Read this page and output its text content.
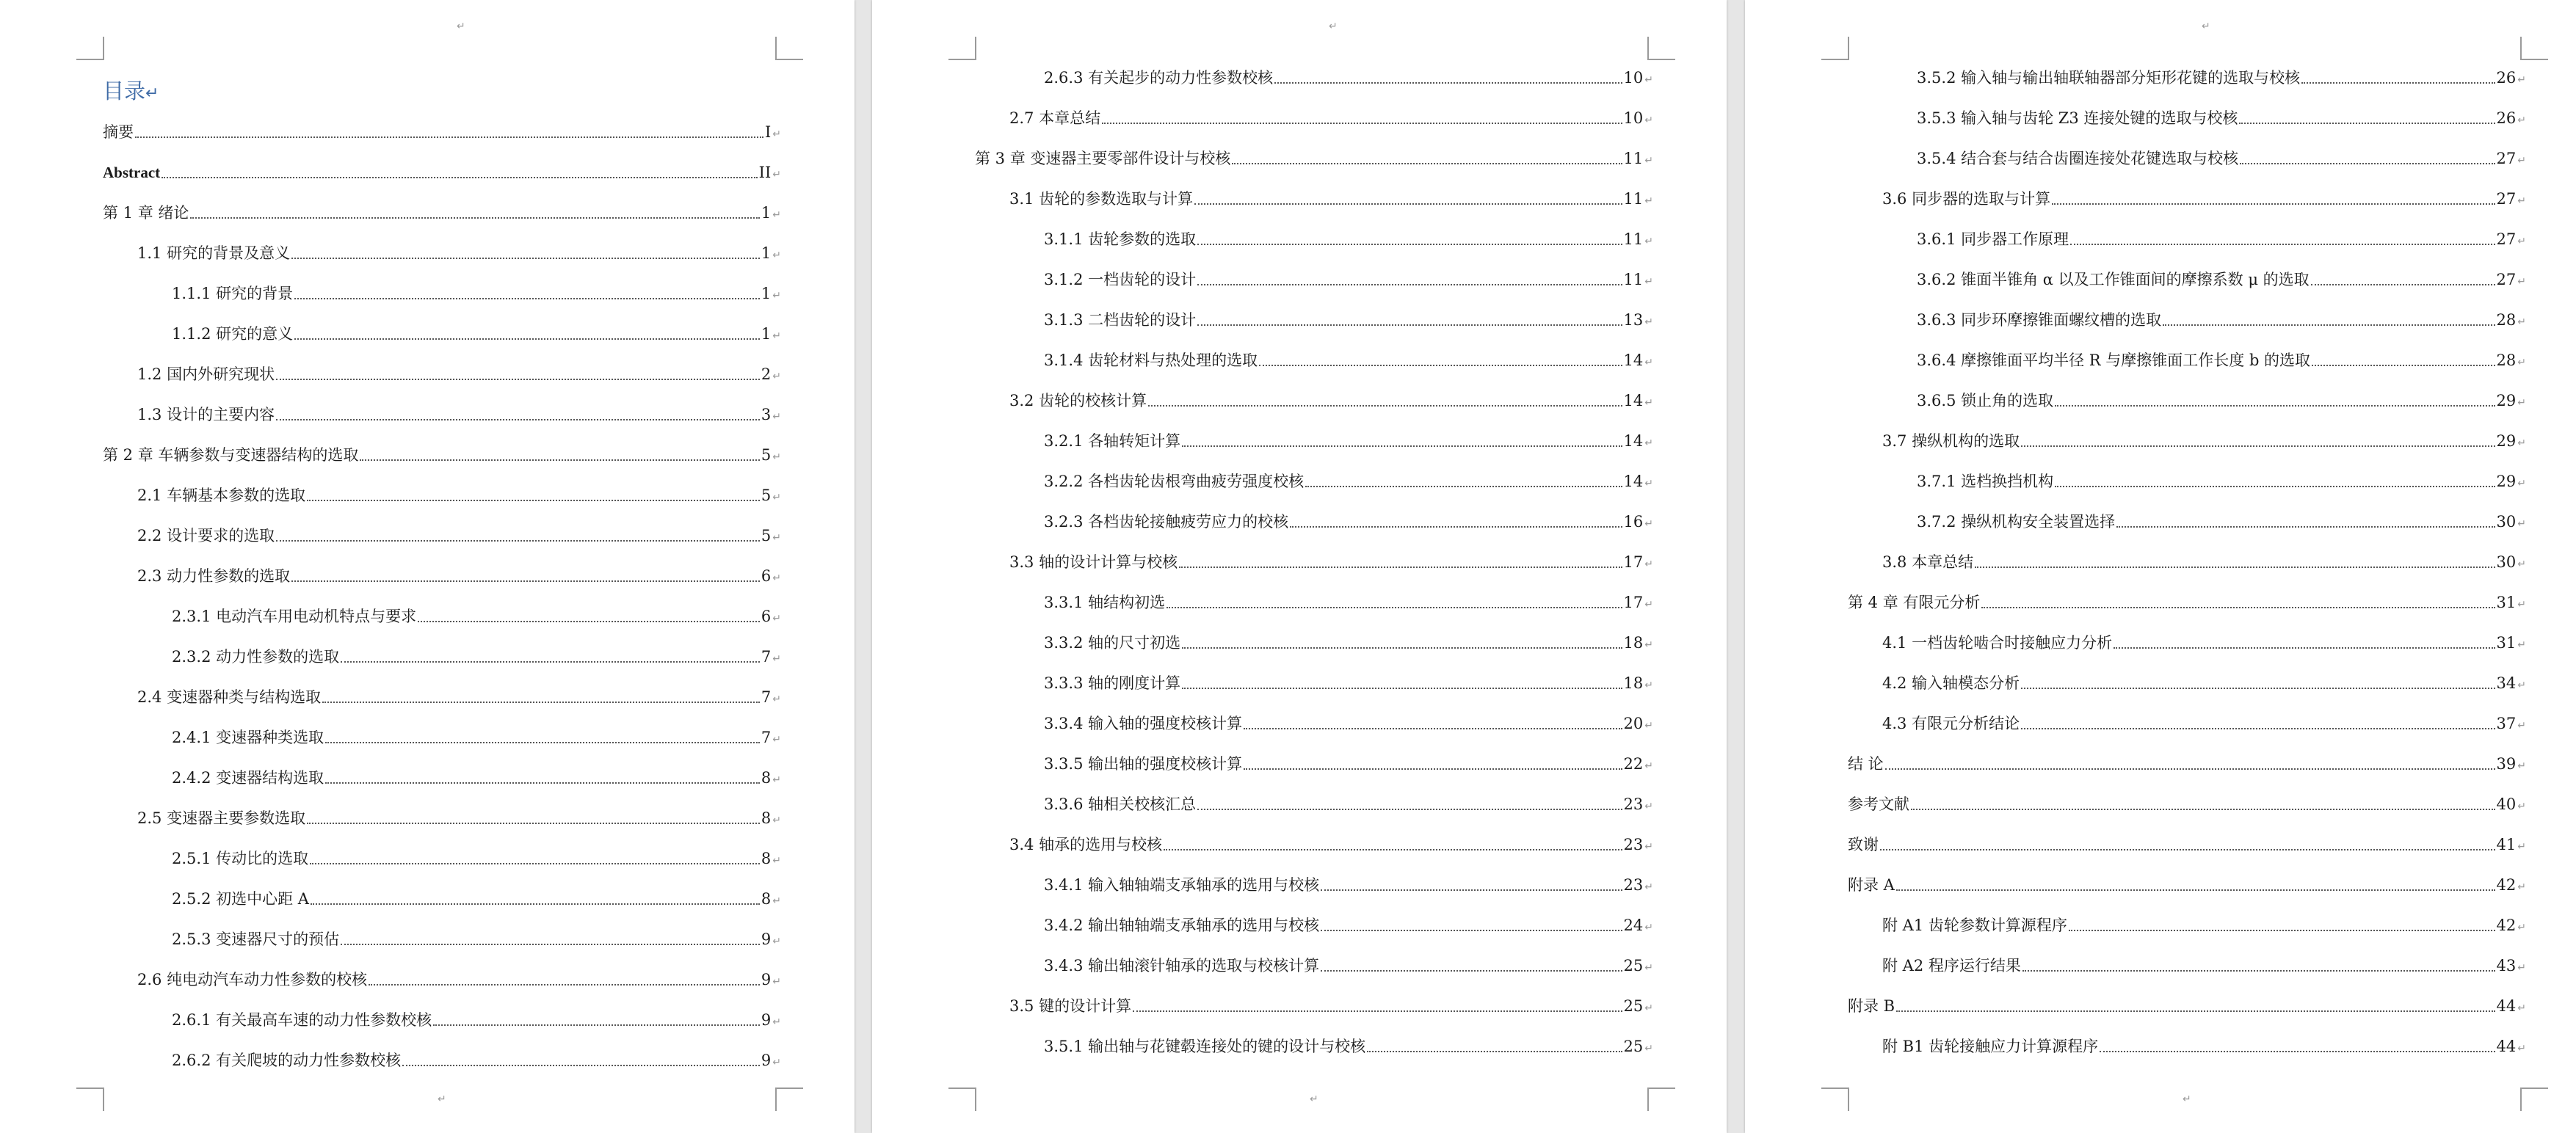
↵
↵
目录↵
摘要	I ↵
Abstract	II ↵
第 1 章 绪论	1 ↵
1.1 研究的背景及意义	1 ↵
1.1.1 研究的背景	1 ↵
1.1.2 研究的意义	1 ↵
1.2 国内外研究现状	2 ↵
1.3 设计的主要内容	3 ↵
第 2 章 车辆参数与变速器结构的选取	5 ↵
2.1 车辆基本参数的选取	5 ↵
2.2 设计要求的选取	5 ↵
2.3 动力性参数的选取	6 ↵
2.3.1 电动汽车用电动机特点与要求	6 ↵
2.3.2 动力性参数的选取	7 ↵
2.4 变速器种类与结构选取	7 ↵
2.4.1 变速器种类选取	7 ↵
2.4.2 变速器结构选取	8 ↵
2.5 变速器主要参数选取	8 ↵
2.5.1 传动比的选取	8 ↵
2.5.2 初选中心距 A	8 ↵
2.5.3 变速器尺寸的预估	9 ↵
2.6 纯电动汽车动力性参数的校核	9 ↵
2.6.1 有关最高车速的动力性参数校核	9 ↵
2.6.2 有关爬坡的动力性参数校核	9 ↵
↵
↵
2.6.3 有关起步的动力性参数校核	10 ↵
2.7 本章总结	10 ↵
第 3 章 变速器主要零部件设计与校核	11 ↵
3.1 齿轮的参数选取与计算	11 ↵
3.1.1 齿轮参数的选取	11 ↵
3.1.2 一档齿轮的设计	11 ↵
3.1.3 二档齿轮的设计	13 ↵
3.1.4 齿轮材料与热处理的选取	14 ↵
3.2 齿轮的校核计算	14 ↵
3.2.1 各轴转矩计算	14 ↵
3.2.2 各档齿轮齿根弯曲疲劳强度校核	14 ↵
3.2.3 各档齿轮接触疲劳应力的校核	16 ↵
3.3 轴的设计计算与校核	17 ↵
3.3.1 轴结构初选	17 ↵
3.3.2 轴的尺寸初选	18 ↵
3.3.3 轴的刚度计算	18 ↵
3.3.4 输入轴的强度校核计算	20 ↵
3.3.5 输出轴的强度校核计算	22 ↵
3.3.6 轴相关校核汇总	23 ↵
3.4 轴承的选用与校核	23 ↵
3.4.1 输入轴轴端支承轴承的选用与校核	23 ↵
3.4.2 输出轴轴端支承轴承的选用与校核	24 ↵
3.4.3 输出轴滚针轴承的选取与校核计算	25 ↵
3.5 键的设计计算	25 ↵
3.5.1 输出轴与花键毂连接处的键的设计与校核	25 ↵
↵
↵
3.5.2 输入轴与输出轴联轴器部分矩形花键的选取与校核	26 ↵
3.5.3 输入轴与齿轮 Z3 连接处键的选取与校核	26 ↵
3.5.4 结合套与结合齿圈连接处花键选取与校核	27 ↵
3.6 同步器的选取与计算	27 ↵
3.6.1 同步器工作原理	27 ↵
3.6.2 锥面半锥角 α 以及工作锥面间的摩擦系数 μ 的选取	27 ↵
3.6.3 同步环摩擦锥面螺纹槽的选取	28 ↵
3.6.4 摩擦锥面平均半径 R 与摩擦锥面工作长度 b 的选取	28 ↵
3.6.5 锁止角的选取	29 ↵
3.7 操纵机构的选取	29 ↵
3.7.1 选档换挡机构	29 ↵
3.7.2 操纵机构安全装置选择	30 ↵
3.8 本章总结	30 ↵
第 4 章 有限元分析	31 ↵
4.1 一档齿轮啮合时接触应力分析	31 ↵
4.2 输入轴模态分析	34 ↵
4.3 有限元分析结论	37 ↵
结 论	39 ↵
参考文献	40 ↵
致谢	41 ↵
附录 A	42 ↵
附 A1 齿轮参数计算源程序	42 ↵
附 A2 程序运行结果	43 ↵
附录 B	44 ↵
附 B1 齿轮接触应力计算源程序	44 ↵
